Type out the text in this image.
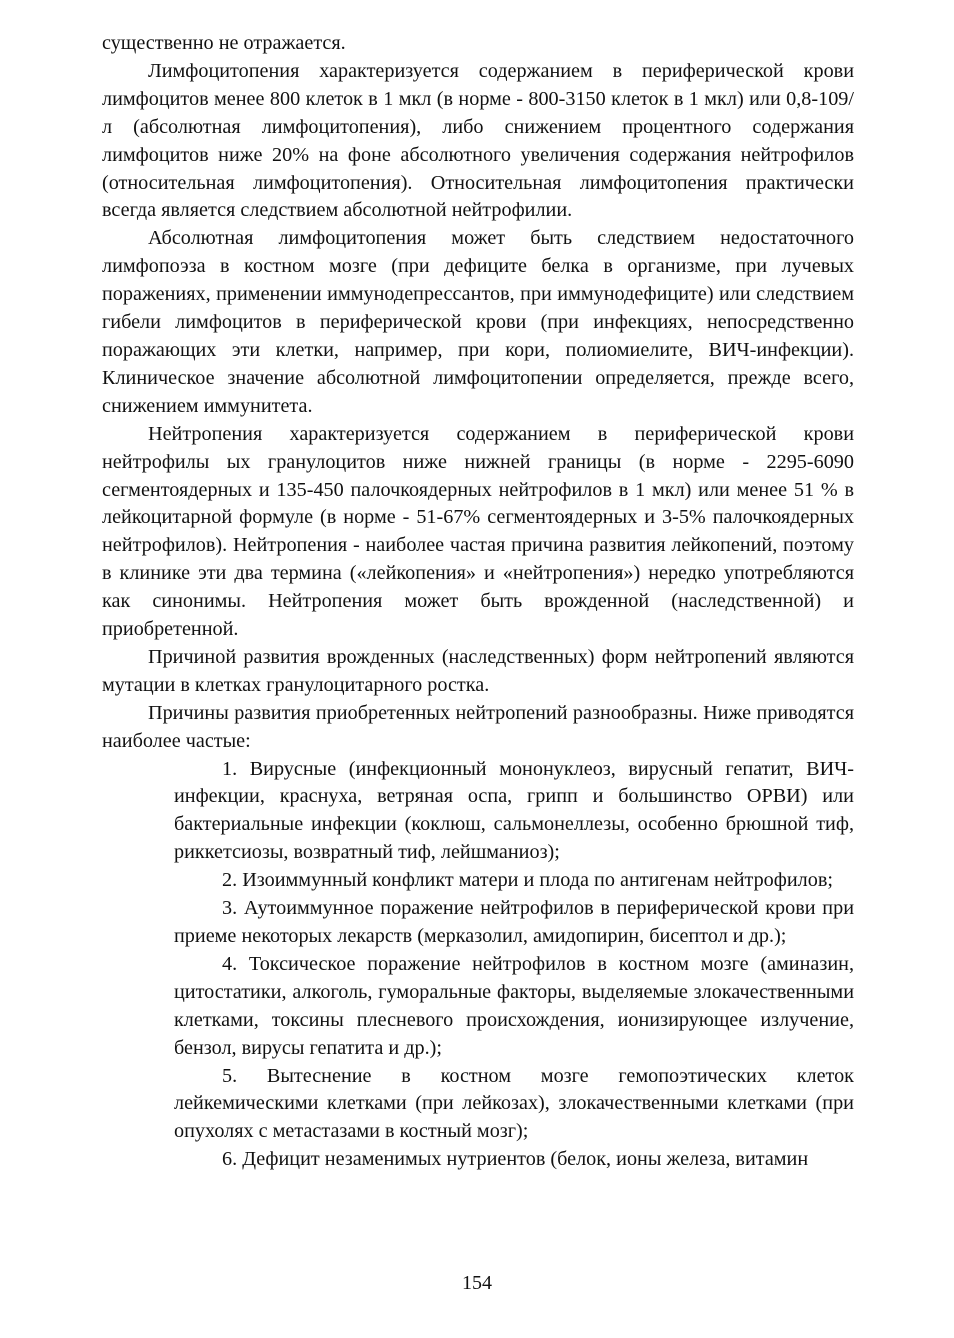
существенно не отражается.

Лимфоцитопения характеризуется содержанием в периферической крови лимфоцитов менее 800 клеток в 1 мкл (в норме - 800-3150 клеток в 1 мкл) или 0,8-109/л (абсолютная лимфоцитопения), либо снижением процентного содержания лимфоцитов ниже 20% на фоне абсолютного увеличения содержания нейтрофилов (относительная лимфоцитопения). Относительная лимфоцитопения практически всегда является следствием абсолютной нейтрофилии.

Абсолютная лимфоцитопения может быть следствием недостаточного лимфопоэза в костном мозге (при дефиците белка в организме, при лучевых поражениях, применении иммунодепрессантов, при иммунодефиците) или следствием гибели лимфоцитов в периферической крови (при инфекциях, непосредственно поражающих эти клетки, например, при кори, полиомиелите, ВИЧ-инфекции). Клиническое значение абсолютной лимфоцитопении определяется, прежде всего, снижением иммунитета.

Нейтропения характеризуется содержанием в периферической крови нейтрофилы ых гранулоцитов ниже нижней границы (в норме - 2295-6090 сегментоядерных и 135-450 палочкоядерных нейтрофилов в 1 мкл) или менее 51 % в лейкоцитарной формуле (в норме - 51-67% сегментоядерных и 3-5% палочкоядерных нейтрофилов). Нейтропения - наиболее частая причина развития лейкопений, поэтому в клинике эти два термина («лейкопения» и «нейтропения») нередко употребляются как синонимы. Нейтропения может быть врожденной (наследственной) и приобретенной.

Причиной развития врожденных (наследственных) форм нейтропений являются мутации в клетках гранулоцитарного ростка.

Причины развития приобретенных нейтропений разнообразны. Ниже приводятся наиболее частые:

1. Вирусные (инфекционный мононуклеоз, вирусный гепатит, ВИЧ-инфекции, краснуха, ветряная оспа, грипп и большинство ОРВИ) или бактериальные инфекции (коклюш, сальмонеллезы, особенно брюшной тиф, риккетсиозы, возвратный тиф, лейшманиоз);

2. Изоиммунный конфликт матери и плода по антигенам нейтрофилов;

3. Аутоиммунное поражение нейтрофилов в периферической крови при приеме некоторых лекарств (мерказолил, амидопирин, бисептол и др.);

4. Токсическое поражение нейтрофилов в костном мозге (аминазин, цитостатики, алкоголь, гуморальные факторы, выделяемые злокачественными клетками, токсины плесневого происхождения, ионизирующее излучение, бензол, вирусы гепатита и др.);

5. Вытеснение в костном мозге гемопоэтических клеток лейкемическими клетками (при лейкозах), злокачественными клетками (при опухолях с метастазами в костный мозг);

6. Дефицит незаменимых нутриентов (белок, ионы железа, витамин

154
